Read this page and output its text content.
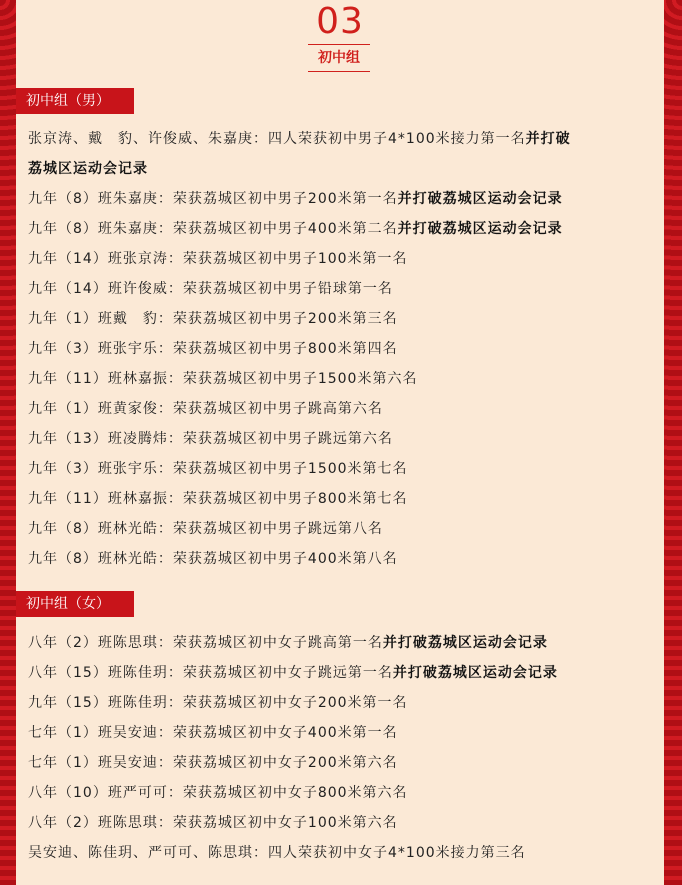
03
初中组
初中组（男）
张京涛、戴　豹、许俊威、朱嘉庚：四人荣获初中男子4*100米接力第一名并打破
荔城区运动会记录
九年（8）班朱嘉庚：荣获荔城区初中男子200米第一名并打破荔城区运动会记录
九年（8）班朱嘉庚：荣获荔城区初中男子400米第二名并打破荔城区运动会记录
九年（14）班张京涛：荣获荔城区初中男子100米第一名
九年（14）班许俊威：荣获荔城区初中男子铅球第一名
九年（1）班戴　豹：荣获荔城区初中男子200米第三名
九年（3）班张宇乐：荣获荔城区初中男子800米第四名
九年（11）班林嘉振：荣获荔城区初中男子1500米第六名
九年（1）班黄家俊：荣获荔城区初中男子跳高第六名
九年（13）班凌腾炜：荣获荔城区初中男子跳远第六名
九年（3）班张宇乐：荣获荔城区初中男子1500米第七名
九年（11）班林嘉振：荣获荔城区初中男子800米第七名
九年（8）班林光皓：荣获荔城区初中男子跳远第八名
九年（8）班林光皓：荣获荔城区初中男子400米第八名
初中组（女）
八年（2）班陈思琪：荣获荔城区初中女子跳高第一名并打破荔城区运动会记录
八年（15）班陈佳玥：荣获荔城区初中女子跳远第一名并打破荔城区运动会记录
九年（15）班陈佳玥：荣获荔城区初中女子200米第一名
七年（1）班吴安迪：荣获荔城区初中女子400米第一名
七年（1）班吴安迪：荣获荔城区初中女子200米第六名
八年（10）班严可可：荣获荔城区初中女子800米第六名
八年（2）班陈思琪：荣获荔城区初中女子100米第六名
吴安迪、陈佳玥、严可可、陈思琪：四人荣获初中女子4*100米接力第三名
